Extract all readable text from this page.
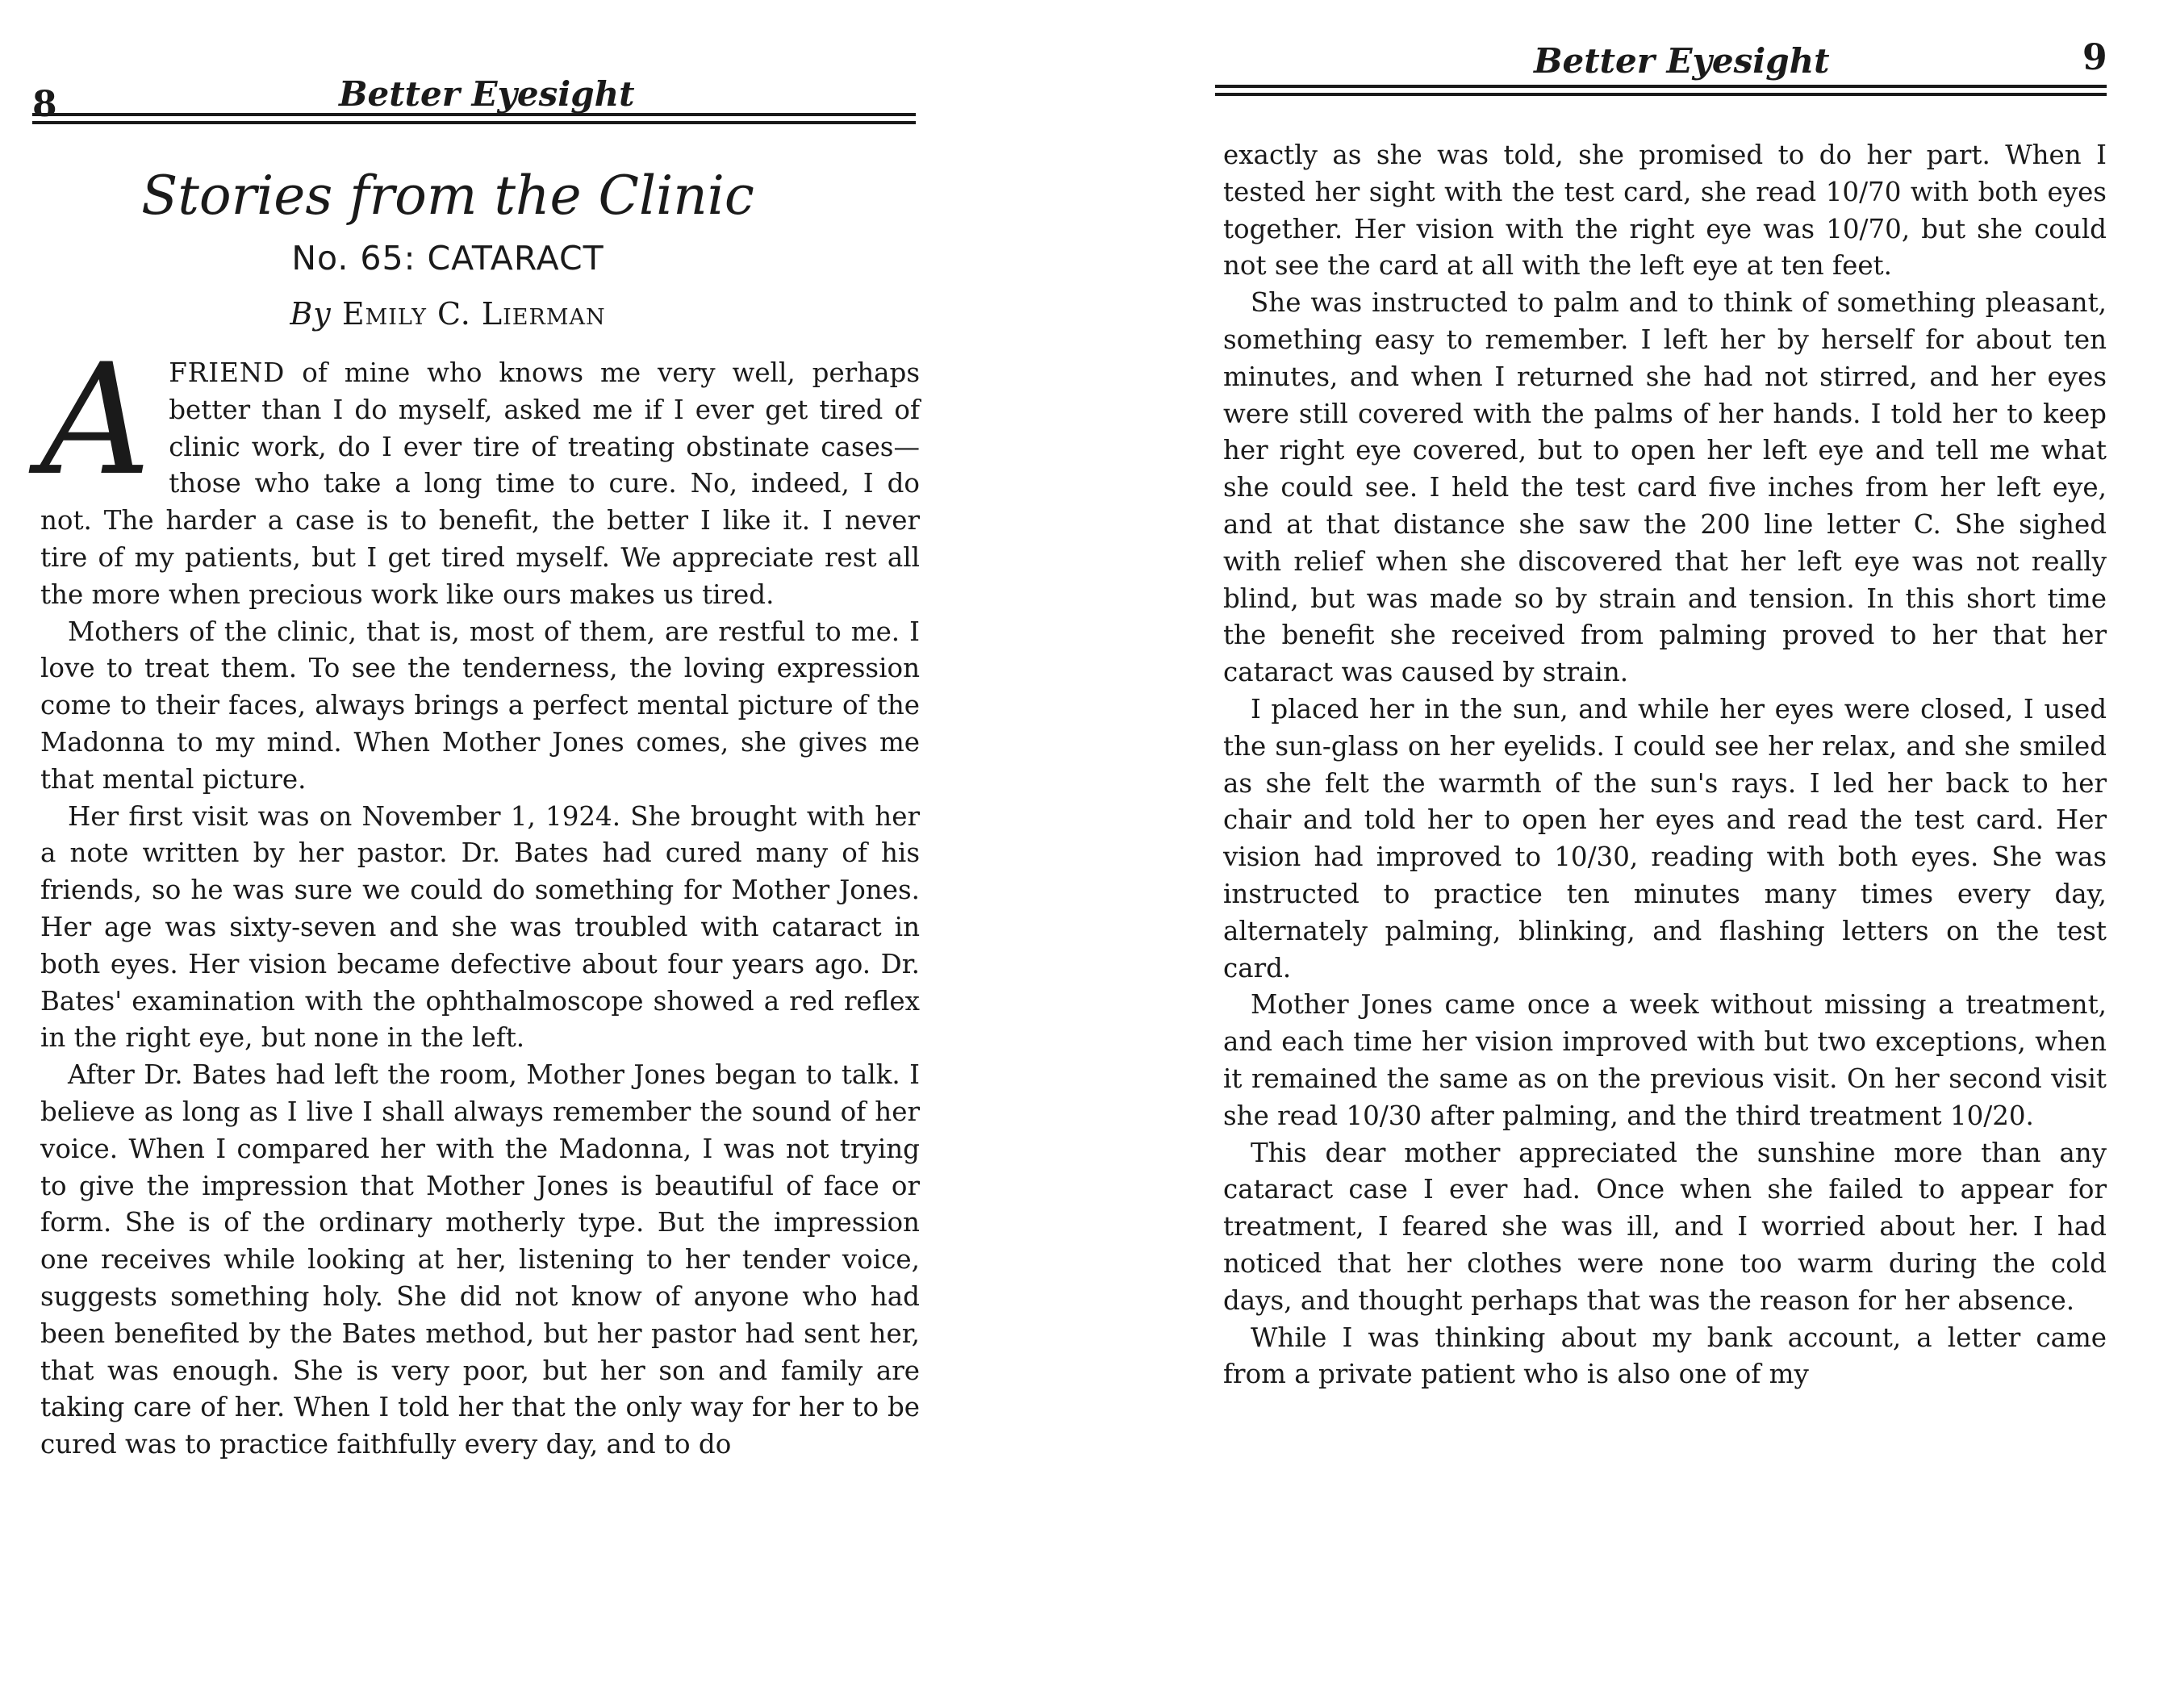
8	Better Eyesight
Stories from the Clinic
No. 65: CATARACT
By Emily C. Lierman

AFRIEND of mine who knows me very well, perhaps better than I do myself, asked me if I ever get tired of clinic work, do I ever tire of treating obstinate cases—those who take a long time to cure. No, indeed, I do not. The harder a case is to benefit, the better I like it. I never tire of my patients, but I get tired myself. We appreciate rest all the more when precious work like ours makes us tired.

Mothers of the clinic, that is, most of them, are restful to me. I love to treat them. To see the tenderness, the loving expression come to their faces, always brings a perfect mental picture of the Madonna to my mind. When Mother Jones comes, she gives me that mental picture.

Her first visit was on November 1, 1924. She brought with her a note written by her pastor. Dr. Bates had cured many of his friends, so he was sure we could do something for Mother Jones. Her age was sixty-seven and she was troubled with cataract in both eyes. Her vision became defective about four years ago. Dr. Bates' examination with the ophthalmoscope showed a red reflex in the right eye, but none in the left.

After Dr. Bates had left the room, Mother Jones began to talk. I believe as long as I live I shall always remember the sound of her voice. When I compared her with the Madonna, I was not trying to give the impression that Mother Jones is beautiful of face or form. She is of the ordinary motherly type. But the impression one receives while looking at her, listening to her tender voice, suggests something holy. She did not know of anyone who had been benefited by the Bates method, but her pastor had sent her, that was enough. She is very poor, but her son and family are taking care of her. When I told her that the only way for her to be cured was to practice faithfully every day, and to do

Better Eyesight	9

exactly as she was told, she promised to do her part. When I tested her sight with the test card, she read 10/70 with both eyes together. Her vision with the right eye was 10/70, but she could not see the card at all with the left eye at ten feet.

She was instructed to palm and to think of something pleasant, something easy to remember. I left her by herself for about ten minutes, and when I returned she had not stirred, and her eyes were still covered with the palms of her hands. I told her to keep her right eye covered, but to open her left eye and tell me what she could see. I held the test card five inches from her left eye, and at that distance she saw the 200 line letter C. She sighed with relief when she discovered that her left eye was not really blind, but was made so by strain and tension. In this short time the benefit she received from palming proved to her that her cataract was caused by strain.

I placed her in the sun, and while her eyes were closed, I used the sun-glass on her eyelids. I could see her relax, and she smiled as she felt the warmth of the sun's rays. I led her back to her chair and told her to open her eyes and read the test card. Her vision had improved to 10/30, reading with both eyes. She was instructed to practice ten minutes many times every day, alternately palming, blinking, and flashing letters on the test card.

Mother Jones came once a week without missing a treatment, and each time her vision improved with but two exceptions, when it remained the same as on the previous visit. On her second visit she read 10/30 after palming, and the third treatment 10/20.

This dear mother appreciated the sunshine more than any cataract case I ever had. Once when she failed to appear for treatment, I feared she was ill, and I worried about her. I had noticed that her clothes were none too warm during the cold days, and thought perhaps that was the reason for her absence.

While I was thinking about my bank account, a letter came from a private patient who is also one of my
